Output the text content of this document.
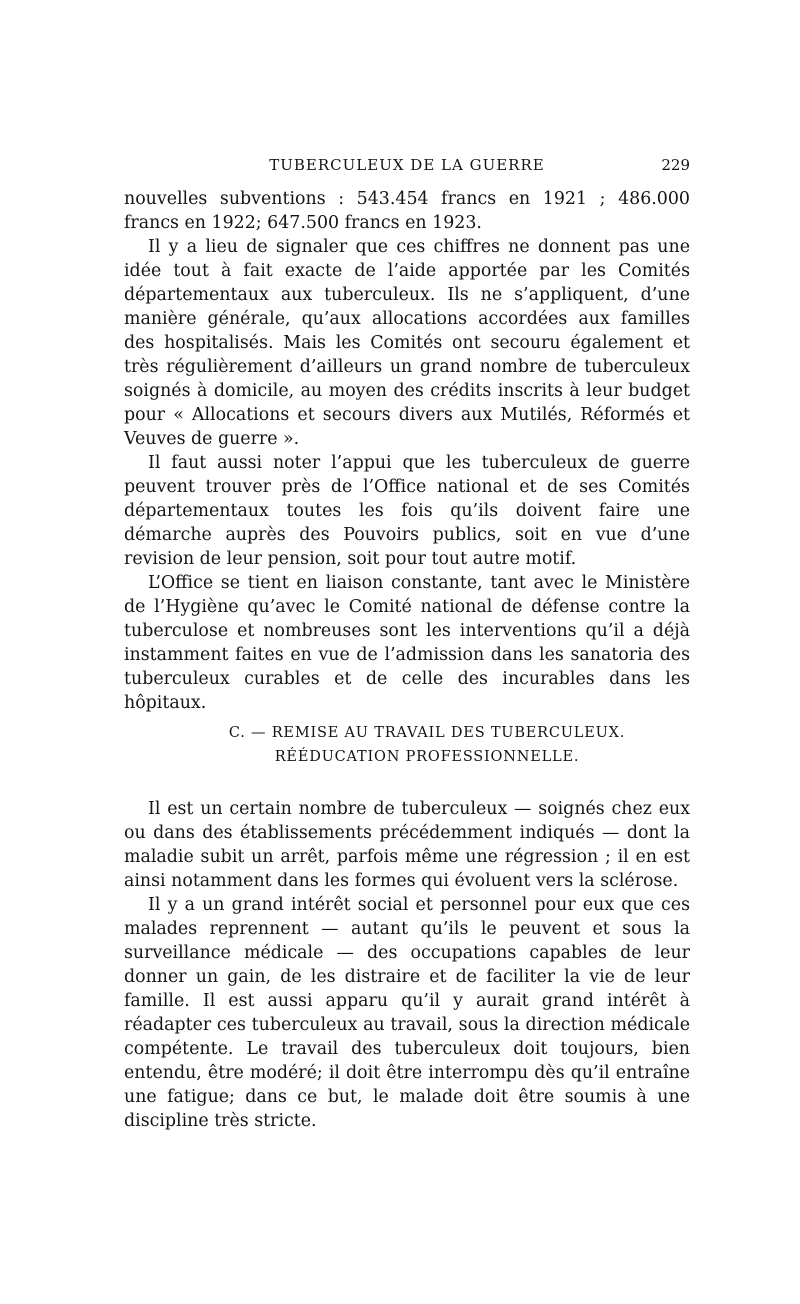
TUBERCULEUX DE LA GUERRE	229

nouvelles subventions : 543.454 francs en 1921 ; 486.000 francs en 1922; 647.500 francs en 1923.

Il y a lieu de signaler que ces chiffres ne donnent pas une idée tout à fait exacte de l’aide apportée par les Comités départementaux aux tuberculeux. Ils ne s’appliquent, d’une manière générale, qu’aux allocations accordées aux familles des hospitalisés. Mais les Comités ont secouru également et très régulièrement d’ailleurs un grand nombre de tuberculeux soignés à domicile, au moyen des crédits inscrits à leur budget pour « Allocations et secours divers aux Mutilés, Réformés et Veuves de guerre ».

Il faut aussi noter l’appui que les tuberculeux de guerre peuvent trouver près de l’Office national et de ses Comités départementaux toutes les fois qu’ils doivent faire une démarche auprès des Pouvoirs publics, soit en vue d’une revision de leur pension, soit pour tout autre motif.

L’Office se tient en liaison constante, tant avec le Ministère de l’Hygiène qu’avec le Comité national de défense contre la tuberculose et nombreuses sont les interventions qu’il a déjà instamment faites en vue de l’admission dans les sanatoria des tuberculeux curables et de celle des incurables dans les hôpitaux.

C. — REMISE AU TRAVAIL DES TUBERCULEUX.
RÉÉDUCATION PROFESSIONNELLE.

Il est un certain nombre de tuberculeux — soignés chez eux ou dans des établissements précédemment indiqués — dont la maladie subit un arrêt, parfois même une régression ; il en est ainsi notamment dans les formes qui évoluent vers la sclérose.

Il y a un grand intérêt social et personnel pour eux que ces malades reprennent — autant qu’ils le peuvent et sous la surveillance médicale — des occupations capables de leur donner un gain, de les distraire et de faciliter la vie de leur famille. Il est aussi apparu qu’il y aurait grand intérêt à réadapter ces tuberculeux au travail, sous la direction médicale compétente. Le travail des tuberculeux doit toujours, bien entendu, être modéré; il doit être interrompu dès qu’il entraîne une fatigue; dans ce but, le malade doit être soumis à une discipline très stricte.
